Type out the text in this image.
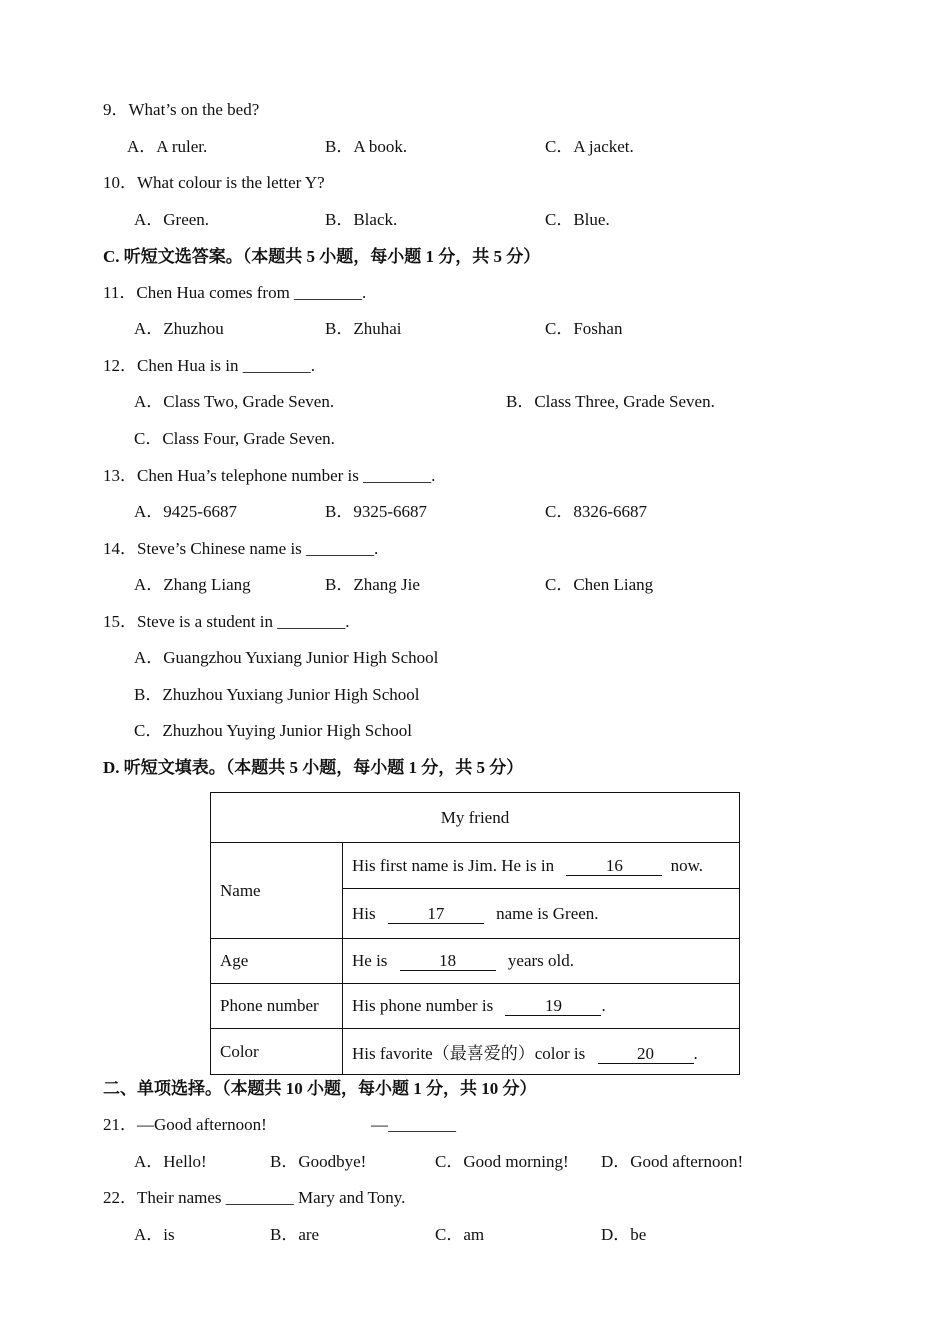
9．What’s on the bed?
A．A ruler.	B．A book.	C．A jacket.
10．What colour is the letter Y?
A．Green.	B．Black.	C．Blue.
C. 听短文选答案。（本题共 5 小题，每小题 1 分，共 5 分）
11．Chen Hua comes from ________.
A．Zhuzhou	B．Zhuhai	C．Foshan
12．Chen Hua is in ________.
A．Class Two, Grade Seven.	B．Class Three, Grade Seven.
C．Class Four, Grade Seven.
13．Chen Hua’s telephone number is ________.
A．9425-6687	B．9325-6687	C．8326-6687
14．Steve’s Chinese name is ________.
A．Zhang Liang	B．Zhang Jie	C．Chen Liang
15．Steve is a student in ________.
A．Guangzhou Yuxiang Junior High School
B．Zhuzhou Yuxiang Junior High School
C．Zhuzhou Yuying Junior High School
D. 听短文填表。（本题共 5 小题，每小题 1 分，共 5 分）
My friend	
Name	His first name is Jim. He is in 16 now.
	His 17 name is Green.
Age	He is 18 years old.
Phone number	His phone number is 19 .
Color	His favorite（最喜爱的）color is 20 .
二、单项选择。（本题共 10 小题，每小题 1 分，共 10 分）
21．—Good afternoon!	—________
A．Hello!	B．Goodbye!	C．Good morning! D．Good afternoon!
22．Their names ________ Mary and Tony.
A．is	B．are	C．am	D．be
